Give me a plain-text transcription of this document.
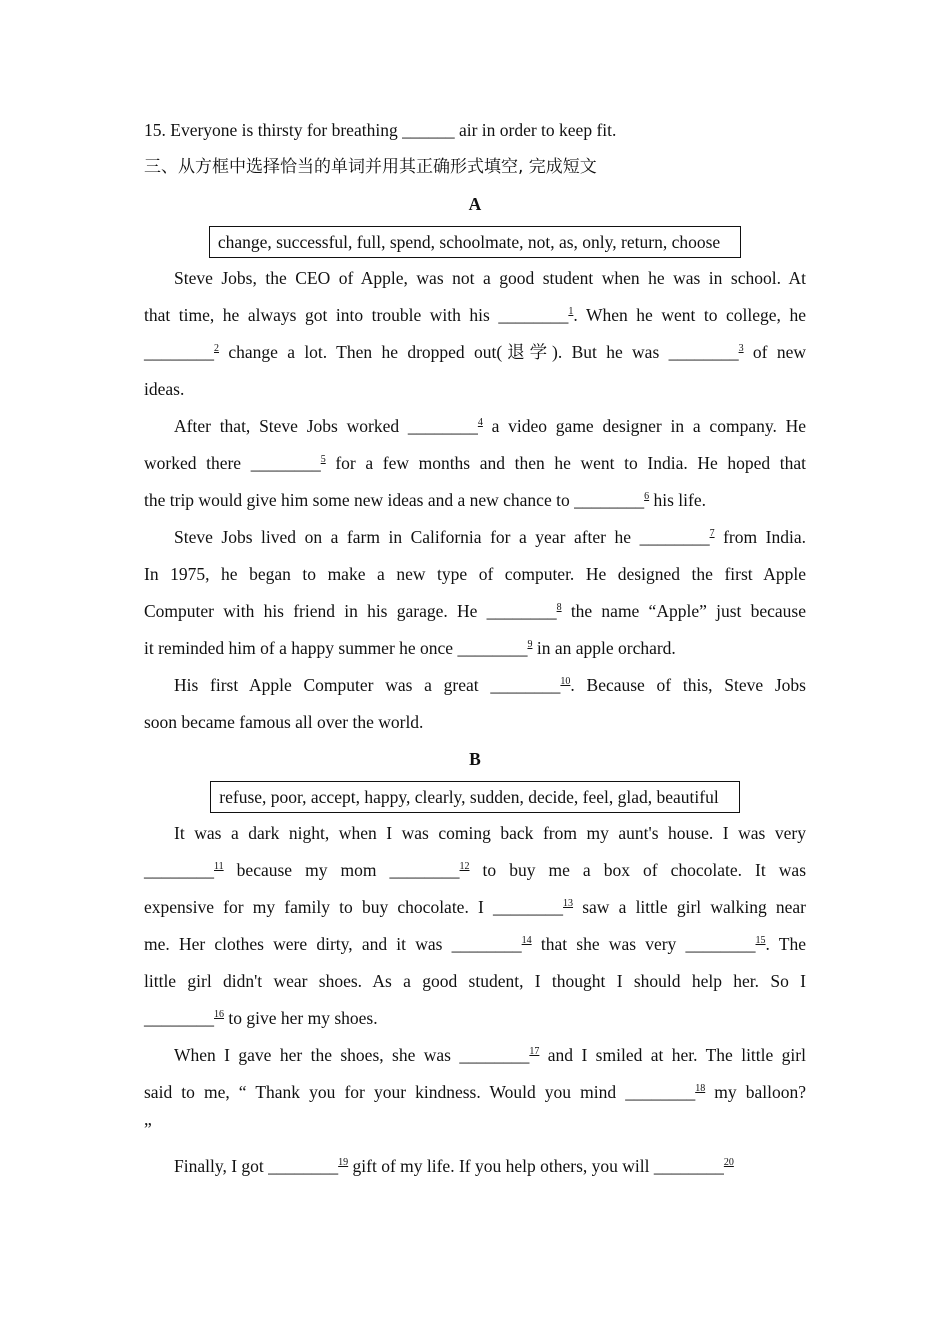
15. Everyone is thirsty for breathing ______ air in order to keep fit.
三、从方框中选择恰当的单词并用其正确形式填空, 完成短文
A
change, successful, full, spend, schoolmate, not, as, only, return, choose
Steve Jobs, the CEO of Apple, was not a good student when he was in school. At
that time, he always got into trouble with his ________$^1$. When he went to college, he
________$^2$ change a lot. Then he dropped out(退学). But he was ________$^3$ of new
ideas.
After that, Steve Jobs worked ________$^4$ a video game designer in a company. He
worked there ________$^5$ for a few months and then he went to India. He hoped that
the trip would give him some new ideas and a new chance to ________$^6$ his life.
Steve Jobs lived on a farm in California for a year after he ________$^7$ from India.
In 1975, he began to make a new type of computer. He designed the first Apple
Computer with his friend in his garage. He ________$^8$ the name “Apple” just because
it reminded him of a happy summer he once ________$^9$ in an apple orchard.
His first Apple Computer was a great ________$^{10}$. Because of this, Steve Jobs
soon became famous all over the world.
B
refuse, poor, accept, happy, clearly, sudden, decide, feel, glad, beautiful
It was a dark night, when I was coming back from my aunt's house. I was very
________$^{11}$ because my mom ________$^{12}$ to buy me a box of chocolate. It was
expensive for my family to buy chocolate. I ________$^{13}$ saw a little girl walking near
me. Her clothes were dirty, and it was ________$^{14}$ that she was very ________$^{15}$. The
little girl didn't wear shoes. As a good student, I thought I should help her. So I
________$^{16}$ to give her my shoes.
When I gave her the shoes, she was ________$^{17}$ and I smiled at her. The little girl
said to me, “ Thank you for your kindness. Would you mind ________$^{18}$ my balloon?
”
Finally, I got ________$^{19}$ gift of my life. If you help others, you will ________$^{20}$
